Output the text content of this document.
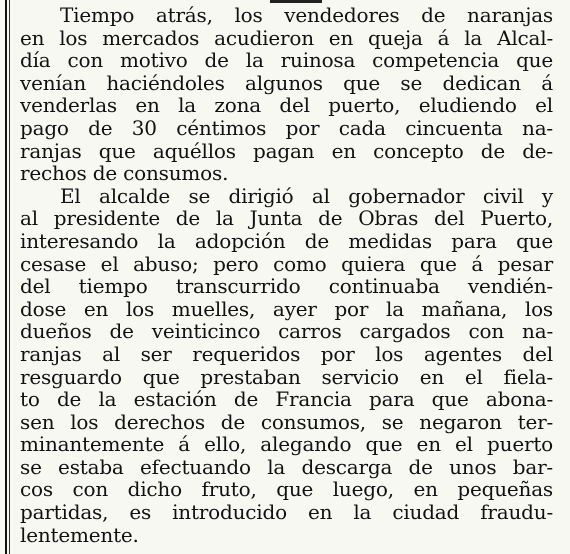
Tiempo atrás, los vendedores de naranjas
en los mercados acudieron en queja á la Alcal-
día con motivo de la ruinosa competencia que
venían haciéndoles algunos que se dedican á
venderlas en la zona del puerto, eludiendo el
pago de 30 céntimos por cada cincuenta na-
ranjas que aquéllos pagan en concepto de de-
rechos de consumos.
El alcalde se dirigió al gobernador civil y
al presidente de la Junta de Obras del Puerto,
interesando la adopción de medidas para que
cesase el abuso; pero como quiera que á pesar
del tiempo transcurrido continuaba vendién-
dose en los muelles, ayer por la mañana, los
dueños de veinticinco carros cargados con na-
ranjas al ser requeridos por los agentes del
resguardo que prestaban servicio en el fiela-
to de la estación de Francia para que abona-
sen los derechos de consumos, se negaron ter-
minantemente á ello, alegando que en el puerto
se estaba efectuando la descarga de unos bar-
cos con dicho fruto, que luego, en pequeñas
partidas, es introducido en la ciudad fraudu-
lentemente.
